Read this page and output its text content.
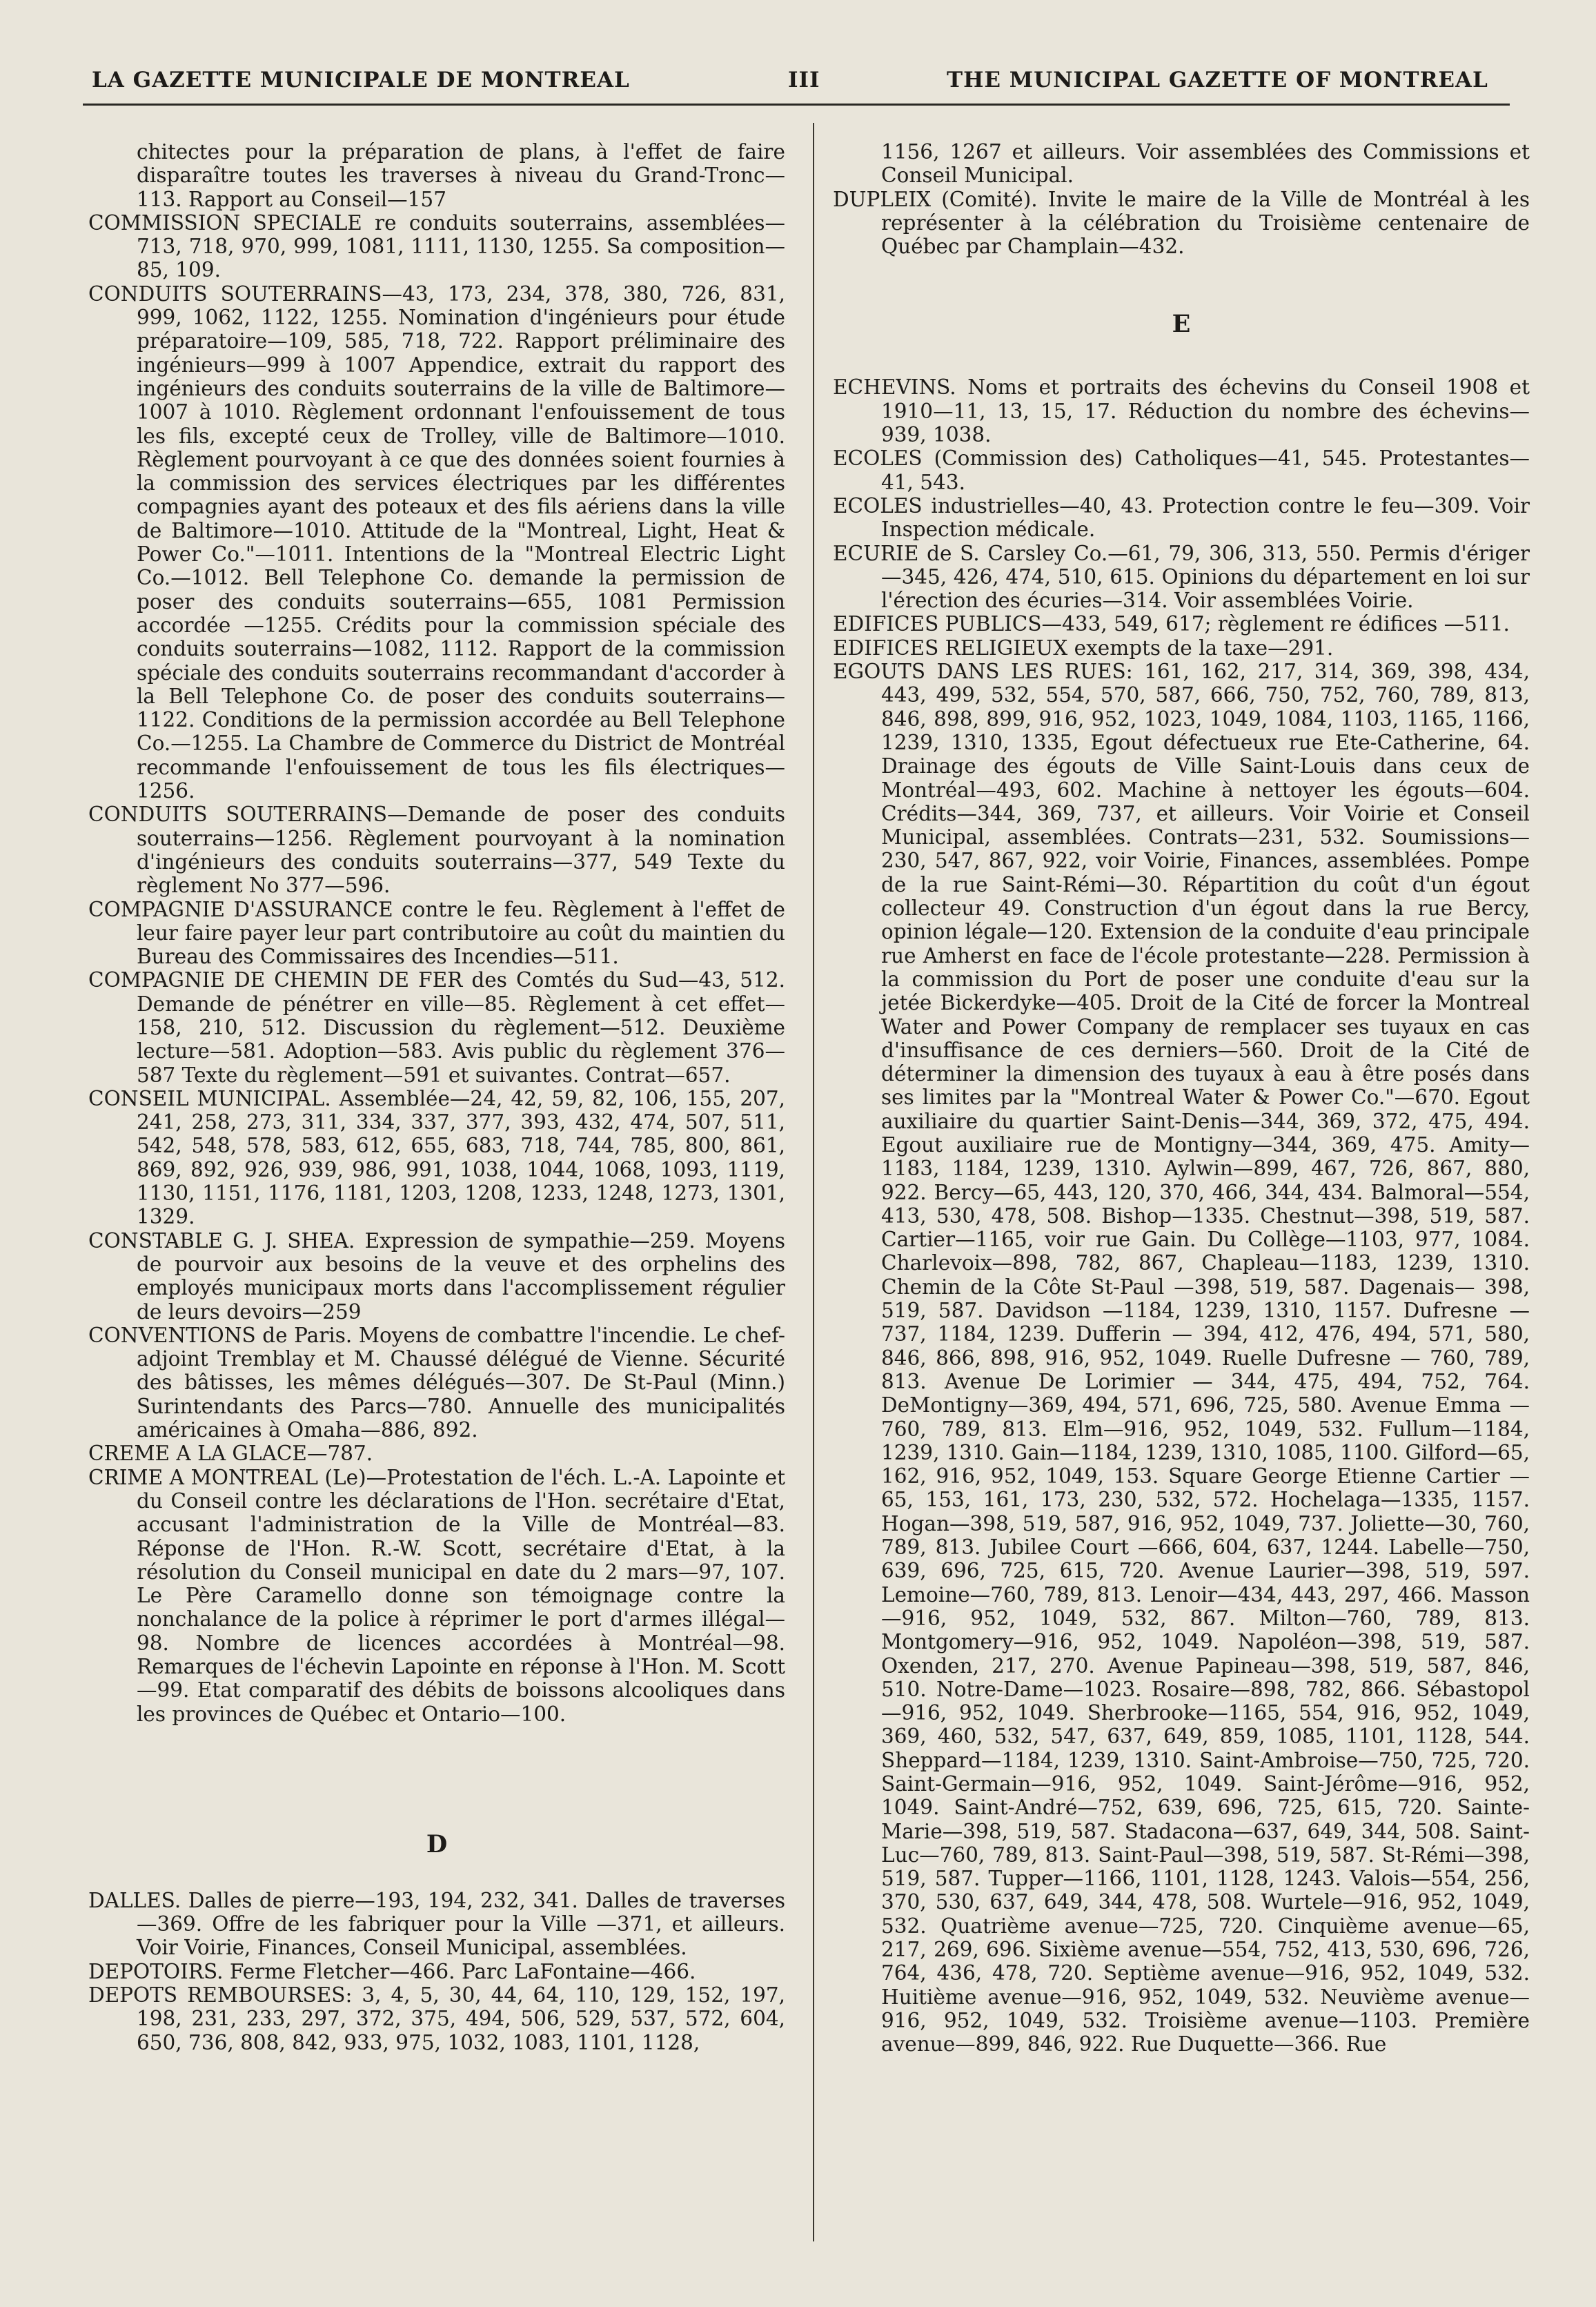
LA GAZETTE MUNICIPALE DE MONTREAL	III	THE MUNICIPAL GAZETTE OF MONTREAL

chitectes pour la préparation de plans, à l'effet de faire disparaître toutes les traverses à niveau du Grand-Tronc—113. Rapport au Conseil—157

COMMISSION SPECIALE re conduits souterrains, assemblées—713, 718, 970, 999, 1081, 1111, 1130, 1255. Sa composition—85, 109.

CONDUITS SOUTERRAINS—43, 173, 234, 378, 380, 726, 831, 999, 1062, 1122, 1255. Nomination d'ingénieurs pour étude préparatoire—109, 585, 718, 722. Rapport préliminaire des ingénieurs—999 à 1007 Appendice, extrait du rapport des ingénieurs des conduits souterrains de la ville de Baltimore—1007 à 1010. Règlement ordonnant l'enfouissement de tous les fils, excepté ceux de Trolley, ville de Baltimore—1010. Règlement pourvoyant à ce que des données soient fournies à la commission des services électriques par les différentes compagnies ayant des poteaux et des fils aériens dans la ville de Baltimore—1010. Attitude de la "Montreal, Light, Heat & Power Co."—1011. Intentions de la "Montreal Electric Light Co.—1012. Bell Telephone Co. demande la permission de poser des conduits souterrains—655, 1081 Permission accordée —1255. Crédits pour la commission spéciale des conduits souterrains—1082, 1112. Rapport de la commission spéciale des conduits souterrains recommandant d'accorder à la Bell Telephone Co. de poser des conduits souterrains—1122. Conditions de la permission accordée au Bell Telephone Co.—1255. La Chambre de Commerce du District de Montréal recommande l'enfouissement de tous les fils électriques—1256.

CONDUITS SOUTERRAINS—Demande de poser des conduits souterrains—1256. Règlement pourvoyant à la nomination d'ingénieurs des conduits souterrains—377, 549 Texte du règlement No 377—596.

COMPAGNIE D'ASSURANCE contre le feu. Règlement à l'effet de leur faire payer leur part contributoire au coût du maintien du Bureau des Commissaires des Incendies—511.

COMPAGNIE DE CHEMIN DE FER des Comtés du Sud—43, 512. Demande de pénétrer en ville—85. Règlement à cet effet—158, 210, 512. Discussion du règlement—512. Deuxième lecture—581. Adoption—583. Avis public du règlement 376—587 Texte du règlement—591 et suivantes. Contrat—657.

CONSEIL MUNICIPAL. Assemblée—24, 42, 59, 82, 106, 155, 207, 241, 258, 273, 311, 334, 337, 377, 393, 432, 474, 507, 511, 542, 548, 578, 583, 612, 655, 683, 718, 744, 785, 800, 861, 869, 892, 926, 939, 986, 991, 1038, 1044, 1068, 1093, 1119, 1130, 1151, 1176, 1181, 1203, 1208, 1233, 1248, 1273, 1301, 1329.

CONSTABLE G. J. SHEA. Expression de sympathie—259. Moyens de pourvoir aux besoins de la veuve et des orphelins des employés municipaux morts dans l'accomplissement régulier de leurs devoirs—259

CONVENTIONS de Paris. Moyens de combattre l'incendie. Le chef-adjoint Tremblay et M. Chaussé délégué de Vienne. Sécurité des bâtisses, les mêmes délégués—307. De St-Paul (Minn.) Surintendants des Parcs—780. Annuelle des municipalités américaines à Omaha—886, 892.

CREME A LA GLACE—787.

CRIME A MONTREAL (Le)—Protestation de l'éch. L.-A. Lapointe et du Conseil contre les déclarations de l'Hon. secrétaire d'Etat, accusant l'administration de la Ville de Montréal—83. Réponse de l'Hon. R.-W. Scott, secrétaire d'Etat, à la résolution du Conseil municipal en date du 2 mars—97, 107. Le Père Caramello donne son témoignage contre la nonchalance de la police à réprimer le port d'armes illégal—98. Nombre de licences accordées à Montréal—98. Remarques de l'échevin Lapointe en réponse à l'Hon. M. Scott—99. Etat comparatif des débits de boissons alcooliques dans les provinces de Québec et Ontario—100.

D

DALLES. Dalles de pierre—193, 194, 232, 341. Dalles de traverses—369. Offre de les fabriquer pour la Ville —371, et ailleurs. Voir Voirie, Finances, Conseil Municipal, assemblées.

DEPOTOIRS. Ferme Fletcher—466. Parc LaFontaine—466.

DEPOTS REMBOURSES: 3, 4, 5, 30, 44, 64, 110, 129, 152, 197, 198, 231, 233, 297, 372, 375, 494, 506, 529, 537, 572, 604, 650, 736, 808, 842, 933, 975, 1032, 1083, 1101, 1128,

1156, 1267 et ailleurs. Voir assemblées des Commissions et Conseil Municipal.

DUPLEIX (Comité). Invite le maire de la Ville de Montréal à les représenter à la célébration du Troisième centenaire de Québec par Champlain—432.

E

ECHEVINS. Noms et portraits des échevins du Conseil 1908 et 1910—11, 13, 15, 17. Réduction du nombre des échevins—939, 1038.

ECOLES (Commission des) Catholiques—41, 545. Protestantes—41, 543.

ECOLES industrielles—40, 43. Protection contre le feu—309. Voir Inspection médicale.

ECURIE de S. Carsley Co.—61, 79, 306, 313, 550. Permis d'ériger—345, 426, 474, 510, 615. Opinions du département en loi sur l'érection des écuries—314. Voir assemblées Voirie.

EDIFICES PUBLICS—433, 549, 617; règlement re édifices —511.

EDIFICES RELIGIEUX exempts de la taxe—291.

EGOUTS DANS LES RUES: 161, 162, 217, 314, 369, 398, 434, 443, 499, 532, 554, 570, 587, 666, 750, 752, 760, 789, 813, 846, 898, 899, 916, 952, 1023, 1049, 1084, 1103, 1165, 1166, 1239, 1310, 1335, Egout défectueux rue Ete-Catherine, 64. Drainage des égouts de Ville Saint-Louis dans ceux de Montréal—493, 602. Machine à nettoyer les égouts—604. Crédits—344, 369, 737, et ailleurs. Voir Voirie et Conseil Municipal, assemblées. Contrats—231, 532. Soumissions—230, 547, 867, 922, voir Voirie, Finances, assemblées. Pompe de la rue Saint-Rémi—30. Répartition du coût d'un égout collecteur 49. Construction d'un égout dans la rue Bercy, opinion légale—120. Extension de la conduite d'eau principale rue Amherst en face de l'école protestante—228. Permission à la commission du Port de poser une conduite d'eau sur la jetée Bickerdyke—405. Droit de la Cité de forcer la Montreal Water and Power Company de remplacer ses tuyaux en cas d'insuffisance de ces derniers—560. Droit de la Cité de déterminer la dimension des tuyaux à eau à être posés dans ses limites par la "Montreal Water & Power Co."—670. Egout auxiliaire du quartier Saint-Denis—344, 369, 372, 475, 494. Egout auxiliaire rue de Montigny—344, 369, 475. Amity—1183, 1184, 1239, 1310. Aylwin—899, 467, 726, 867, 880, 922. Bercy—65, 443, 120, 370, 466, 344, 434. Balmoral—554, 413, 530, 478, 508. Bishop—1335. Chestnut—398, 519, 587. Cartier—1165, voir rue Gain. Du Collège—1103, 977, 1084. Charlevoix—898, 782, 867, Chapleau—1183, 1239, 1310. Chemin de la Côte St-Paul —398, 519, 587. Dagenais— 398, 519, 587. Davidson —1184, 1239, 1310, 1157. Dufresne — 737, 1184, 1239. Dufferin — 394, 412, 476, 494, 571, 580, 846, 866, 898, 916, 952, 1049. Ruelle Dufresne — 760, 789, 813. Avenue De Lorimier — 344, 475, 494, 752, 764. DeMontigny—369, 494, 571, 696, 725, 580. Avenue Emma —760, 789, 813. Elm—916, 952, 1049, 532. Fullum—1184, 1239, 1310. Gain—1184, 1239, 1310, 1085, 1100. Gilford—65, 162, 916, 952, 1049, 153. Square George Etienne Cartier — 65, 153, 161, 173, 230, 532, 572. Hochelaga—1335, 1157. Hogan—398, 519, 587, 916, 952, 1049, 737. Joliette—30, 760, 789, 813. Jubilee Court —666, 604, 637, 1244. Labelle—750, 639, 696, 725, 615, 720. Avenue Laurier—398, 519, 597. Lemoine—760, 789, 813. Lenoir—434, 443, 297, 466. Masson—916, 952, 1049, 532, 867. Milton—760, 789, 813. Montgomery—916, 952, 1049. Napoléon—398, 519, 587. Oxenden, 217, 270. Avenue Papineau—398, 519, 587, 846, 510. Notre-Dame—1023. Rosaire—898, 782, 866. Sébastopol—916, 952, 1049. Sherbrooke—1165, 554, 916, 952, 1049, 369, 460, 532, 547, 637, 649, 859, 1085, 1101, 1128, 544. Sheppard—1184, 1239, 1310. Saint-Ambroise—750, 725, 720. Saint-Germain—916, 952, 1049. Saint-Jérôme—916, 952, 1049. Saint-André—752, 639, 696, 725, 615, 720. Sainte-Marie—398, 519, 587. Stadacona—637, 649, 344, 508. Saint-Luc—760, 789, 813. Saint-Paul—398, 519, 587. St-Rémi—398, 519, 587. Tupper—1166, 1101, 1128, 1243. Valois—554, 256, 370, 530, 637, 649, 344, 478, 508. Wurtele—916, 952, 1049, 532. Quatrième avenue—725, 720. Cinquième avenue—65, 217, 269, 696. Sixième avenue—554, 752, 413, 530, 696, 726, 764, 436, 478, 720. Septième avenue—916, 952, 1049, 532. Huitième avenue—916, 952, 1049, 532. Neuvième avenue—916, 952, 1049, 532. Troisième avenue—1103. Première avenue—899, 846, 922. Rue Duquette—366. Rue
